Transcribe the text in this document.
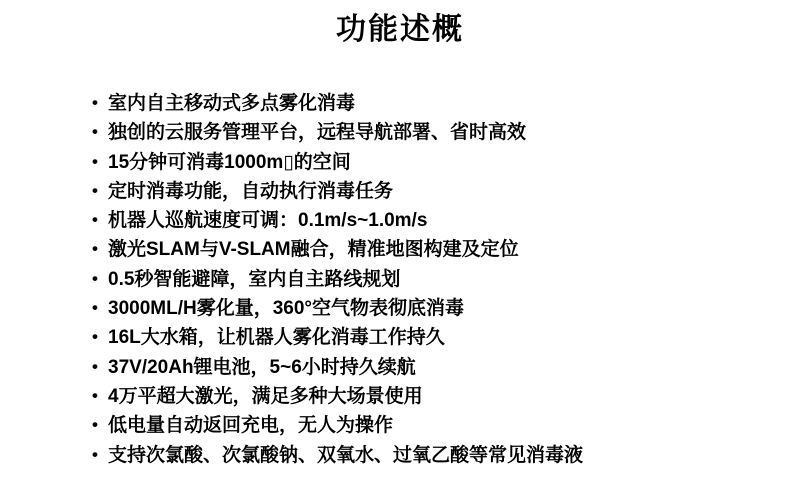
功能述概
• 室内自主移动式多点雾化消毒
• 独创的云服务管理平台，远程导航部署、省时高效
• 15分钟可消毒1000m▯的空间
• 定时消毒功能，自动执行消毒任务
• 机器人巡航速度可调：0.1m/s~1.0m/s
• 激光SLAM与V-SLAM融合，精准地图构建及定位
• 0.5秒智能避障，室内自主路线规划
• 3000ML/H雾化量，360°空气物表彻底消毒
• 16L大水箱，让机器人雾化消毒工作持久
• 37V/20Ah锂电池，5~6小时持久续航
• 4万平超大激光，满足多种大场景使用
• 低电量自动返回充电，无人为操作
• 支持次氯酸、次氯酸钠、双氧水、过氧乙酸等常见消毒液
